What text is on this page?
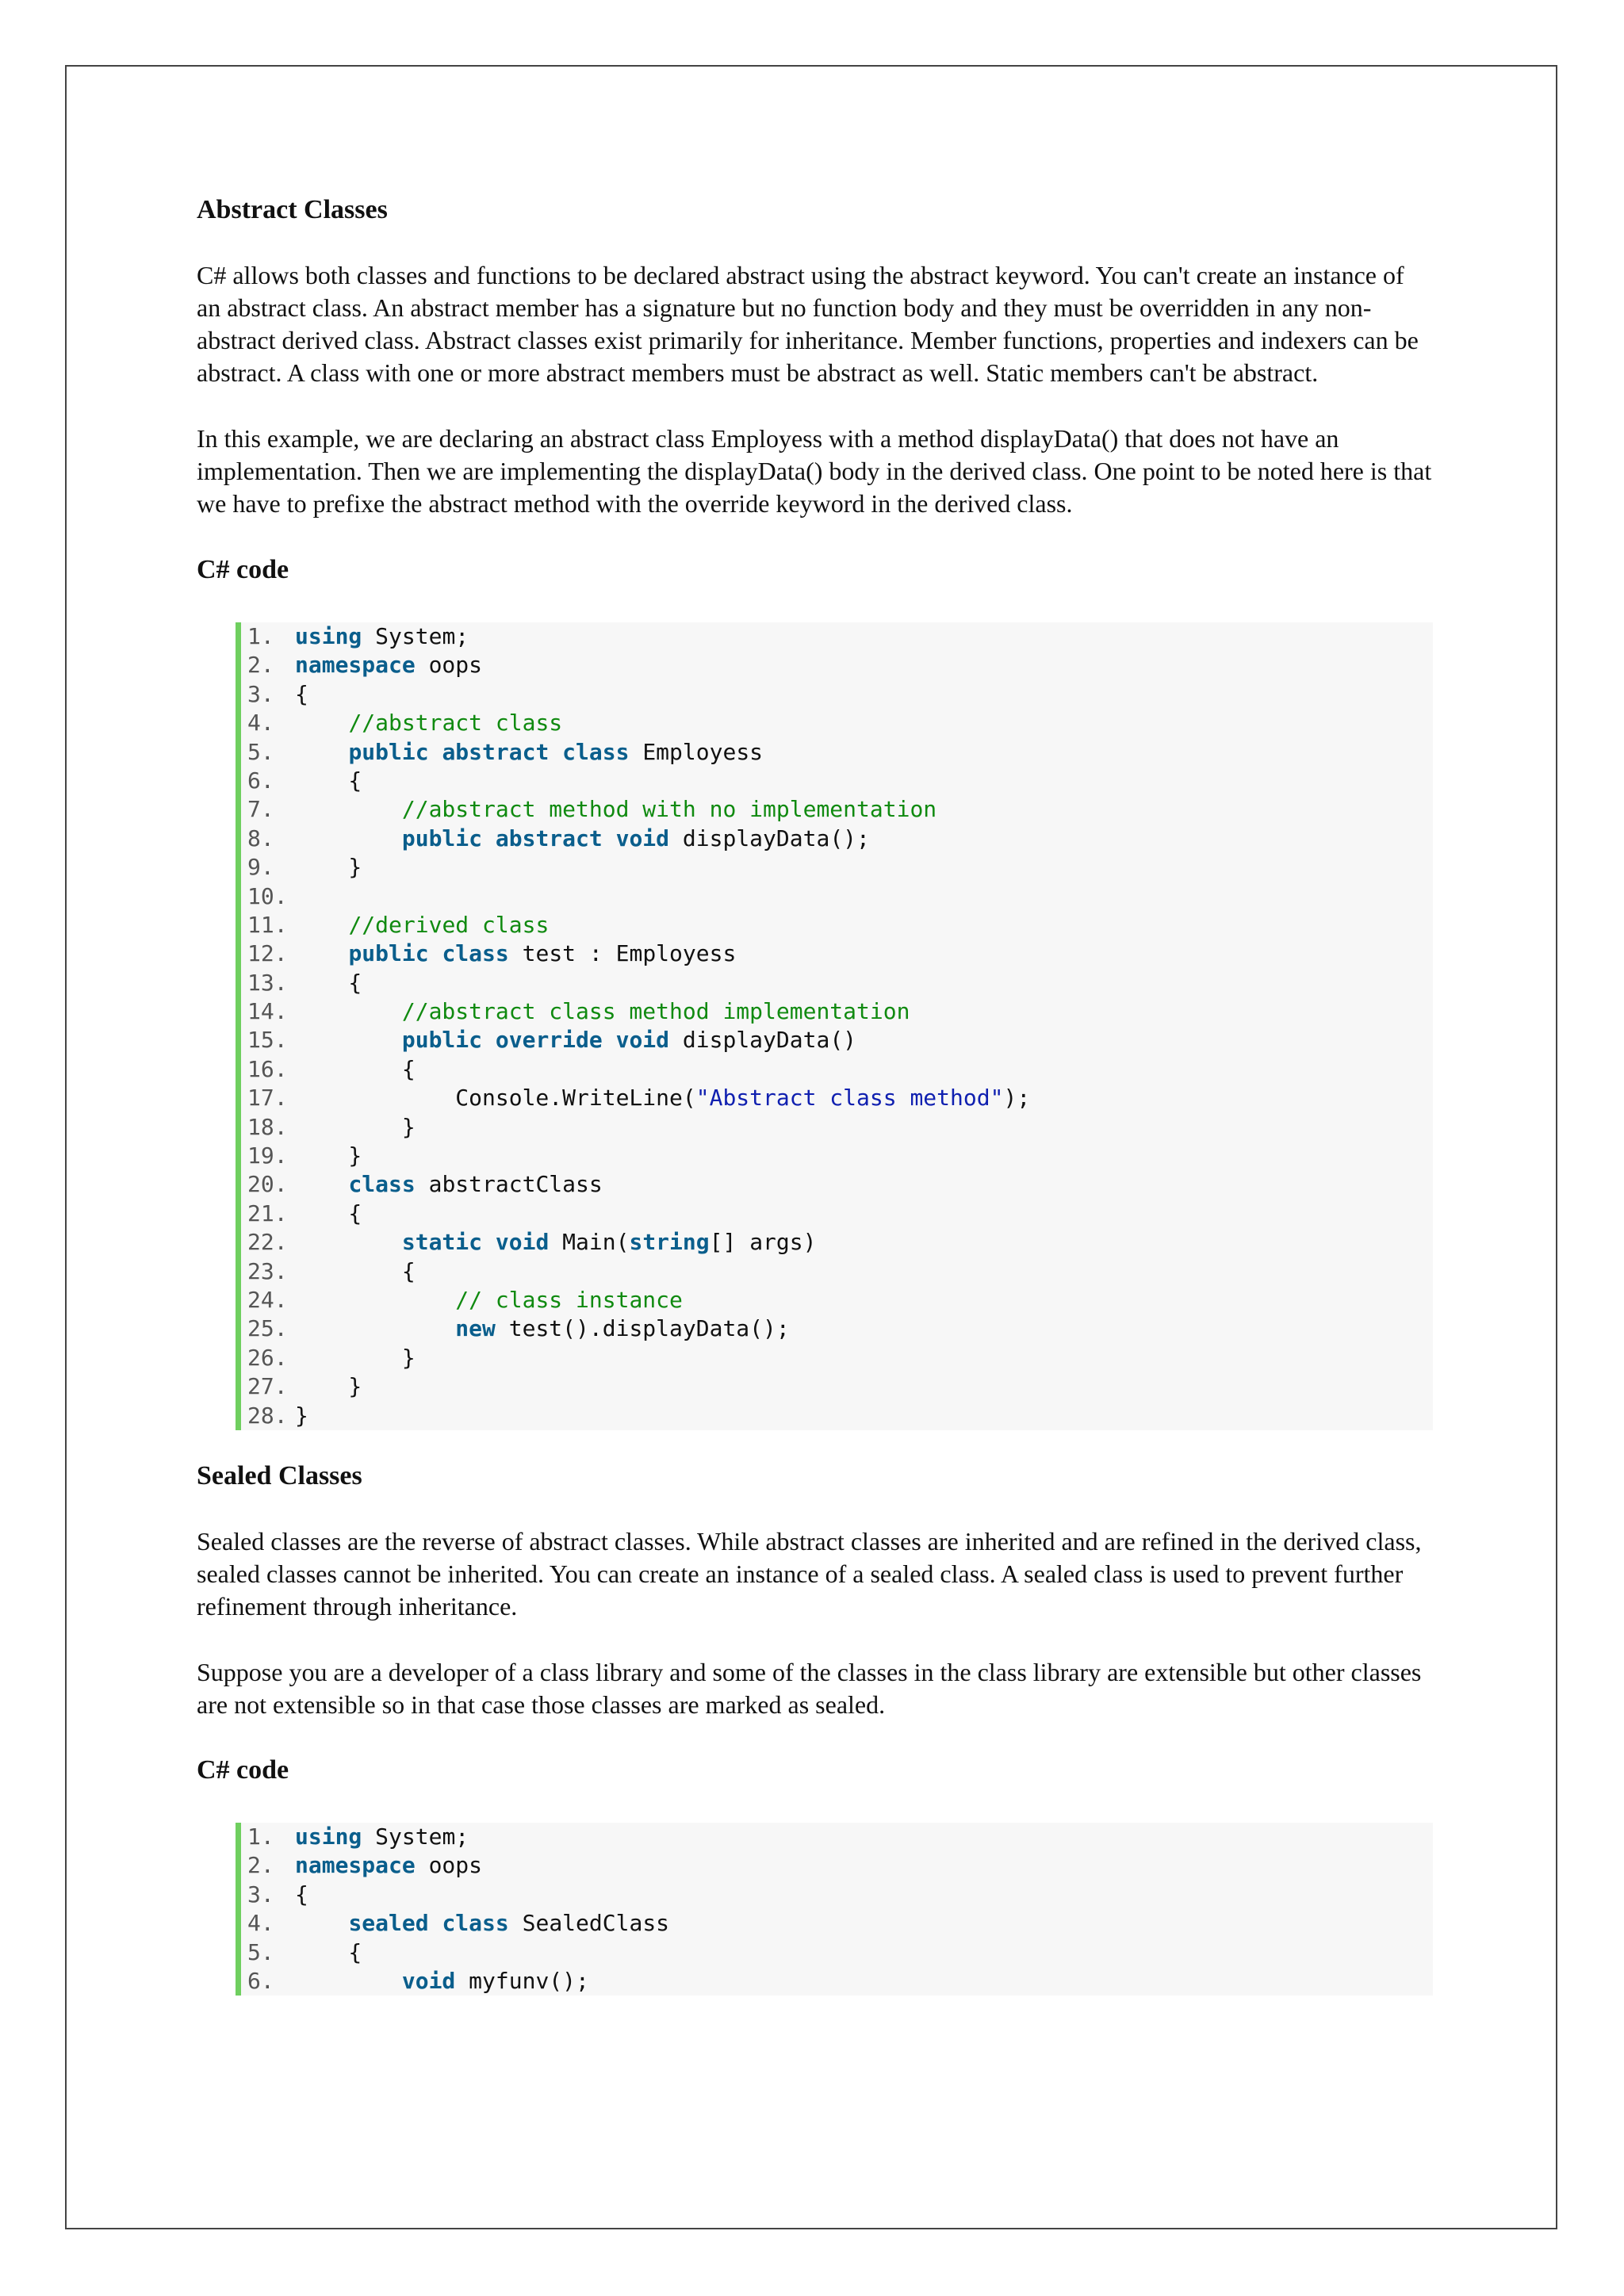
Abstract Classes

C# allows both classes and functions to be declared abstract using the abstract keyword. You can't create an instance of an abstract class. An abstract member has a signature but no function body and they must be overridden in any non-abstract derived class. Abstract classes exist primarily for inheritance. Member functions, properties and indexers can be abstract. A class with one or more abstract members must be abstract as well. Static members can't be abstract.

In this example, we are declaring an abstract class Employess with a method displayData() that does not have an implementation. Then we are implementing the displayData() body in the derived class. One point to be noted here is that we have to prefixe the abstract method with the override keyword in the derived class.

C# code
1. using System;
2. namespace oops
3. {
4.	//abstract class
5.	public abstract class Employess
6. {
7.	//abstract method with no implementation
8.	public abstract void displayData();
9. }
10.
11.	//derived class
12.	public class test : Employess
13. {
14.	//abstract class method implementation
15.	public override void displayData()
16. {
17. Console.WriteLine("Abstract class method");
18. }
19. }
20.	class abstractClass
21. {
22.	static void Main(string[] args)
23. {
24.	// class instance
25.	new test().displayData();
26. }
27. }
28. }
Sealed Classes

Sealed classes are the reverse of abstract classes. While abstract classes are inherited and are refined in the derived class, sealed classes cannot be inherited. You can create an instance of a sealed class. A sealed class is used to prevent further refinement through inheritance.

Suppose you are a developer of a class library and some of the classes in the class library are extensible but other classes are not extensible so in that case those classes are marked as sealed.

C# code
1. using System;
2. namespace oops
3. {
4.	sealed class SealedClass
5. {
6.	void myfunv();
